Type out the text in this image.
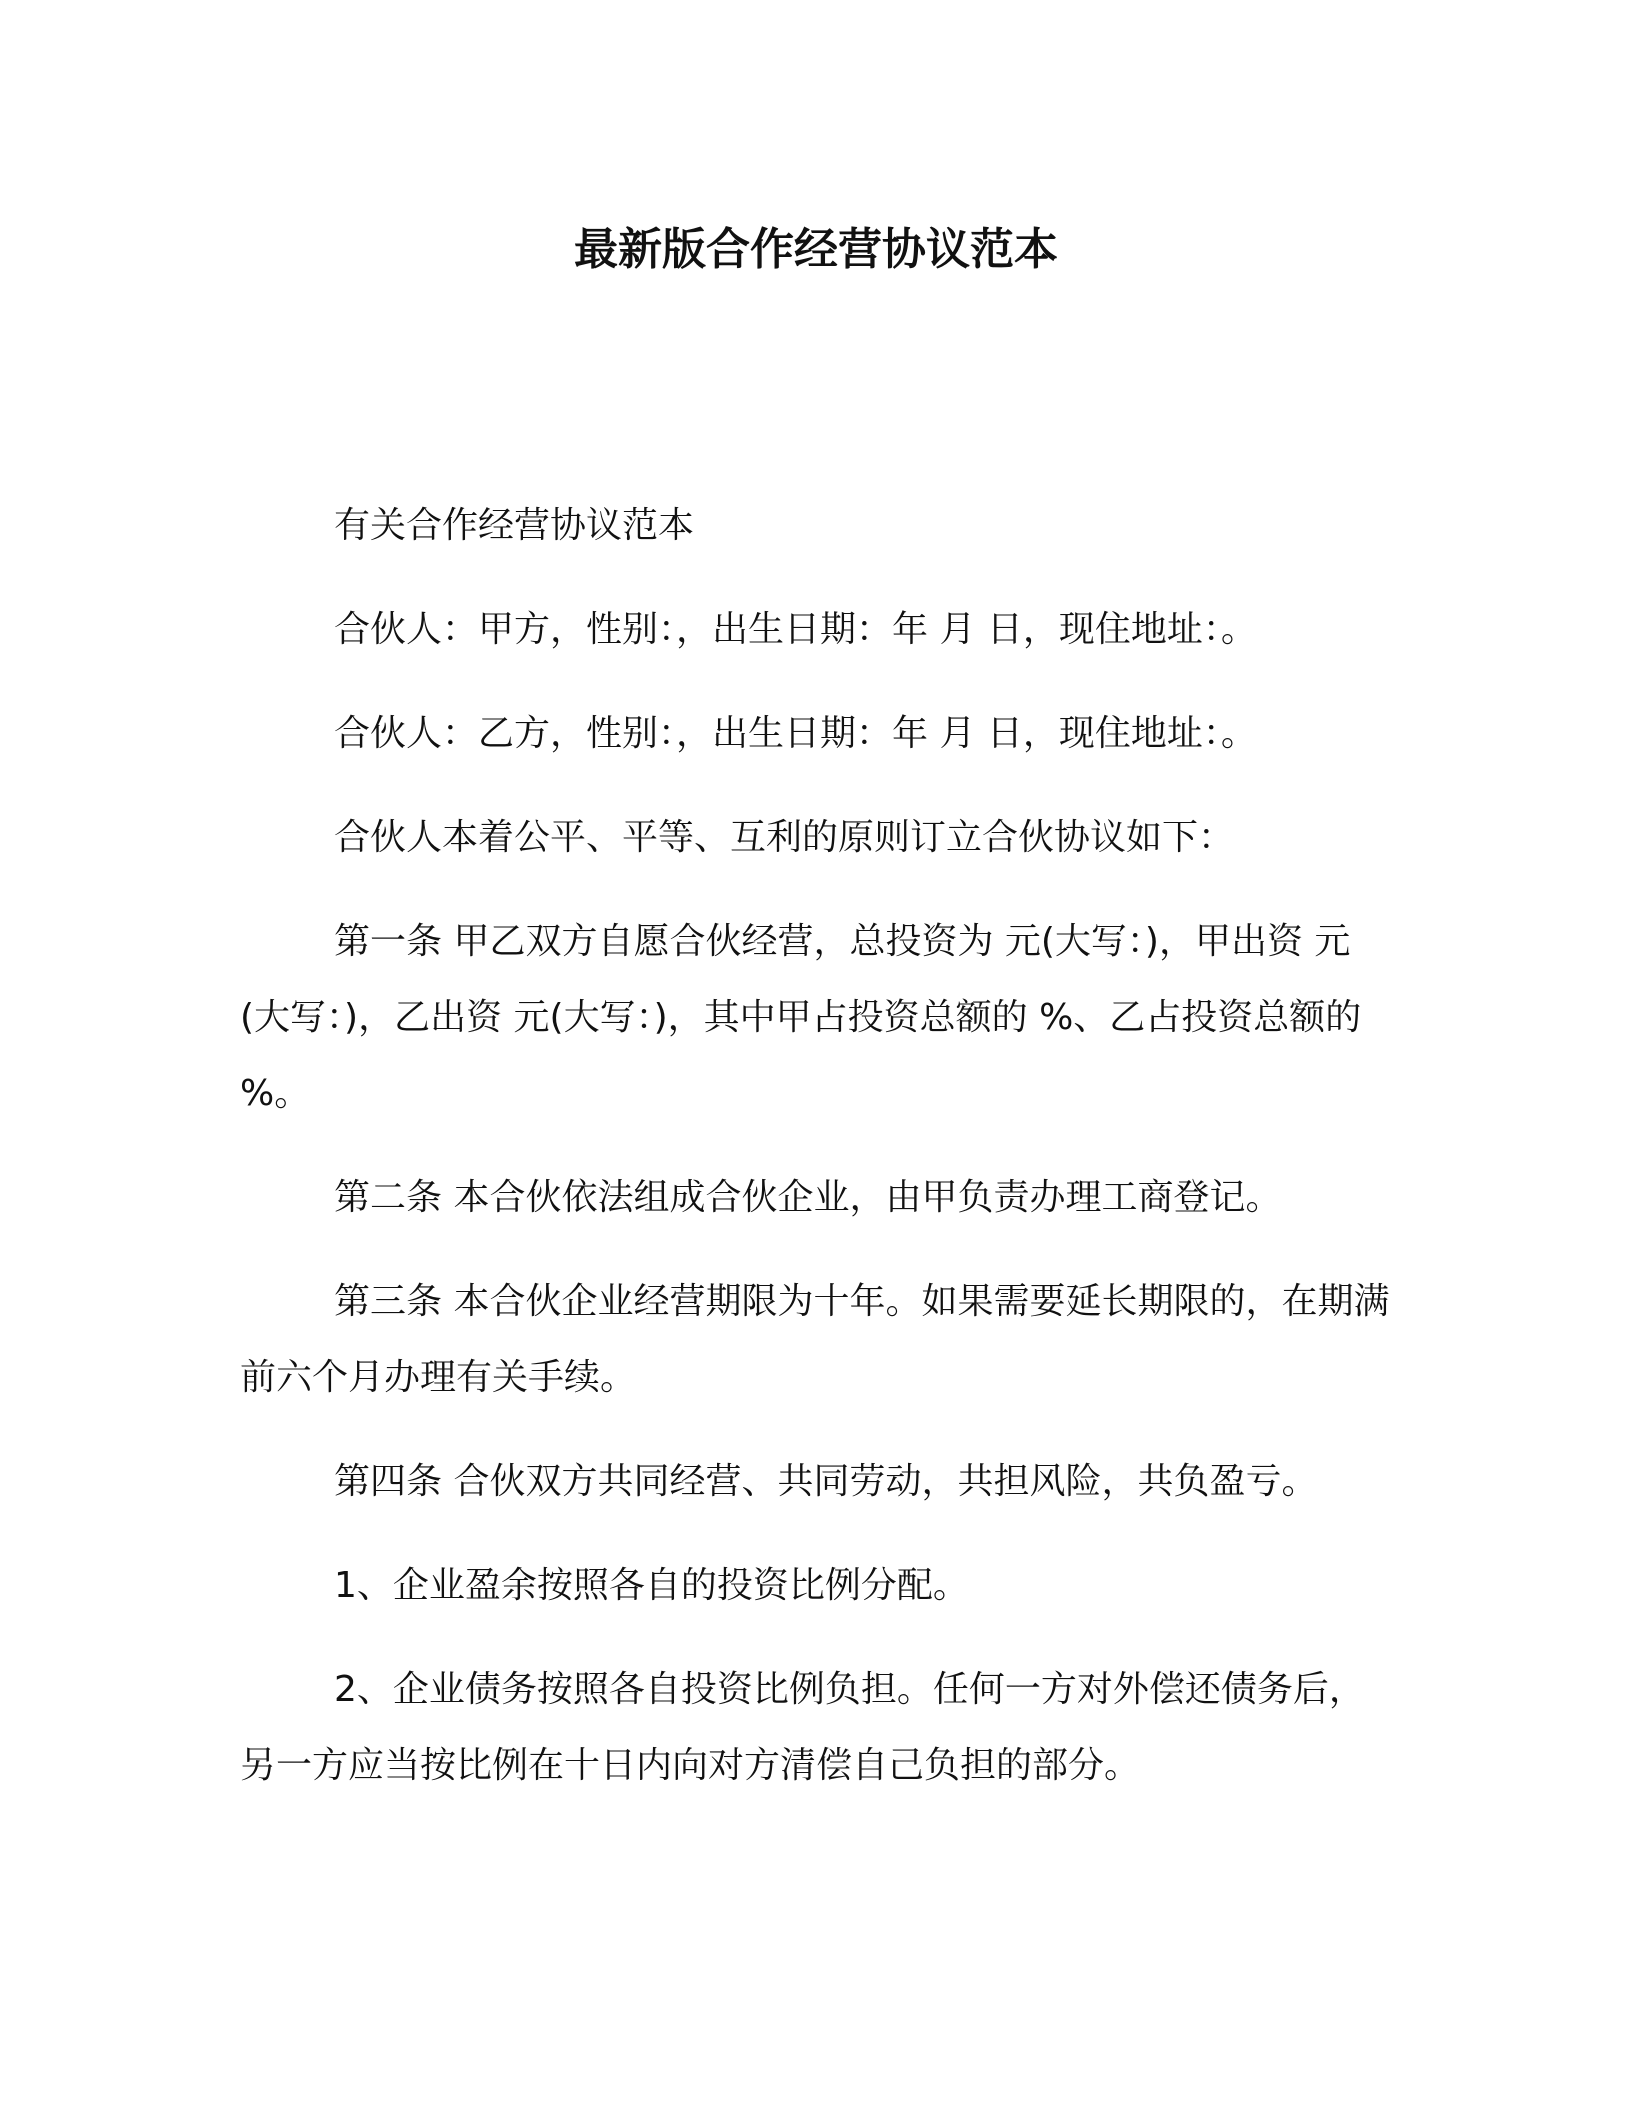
最新版合作经营协议范本

有关合作经营协议范本

合伙人：甲方，性别：，出生日期：年 月 日，现住地址：。

合伙人：乙方，性别：，出生日期：年 月 日，现住地址：。

合伙人本着公平、平等、互利的原则订立合伙协议如下：

第一条 甲乙双方自愿合伙经营，总投资为 元(大写：)，甲出资 元(大写：)，乙出资 元(大写：)，其中甲占投资总额的 %、乙占投资总额的 %。

第二条 本合伙依法组成合伙企业，由甲负责办理工商登记。

第三条 本合伙企业经营期限为十年。如果需要延长期限的，在期满前六个月办理有关手续。

第四条 合伙双方共同经营、共同劳动，共担风险，共负盈亏。

1、企业盈余按照各自的投资比例分配。

2、企业债务按照各自投资比例负担。任何一方对外偿还债务后，另一方应当按比例在十日内向对方清偿自己负担的部分。
